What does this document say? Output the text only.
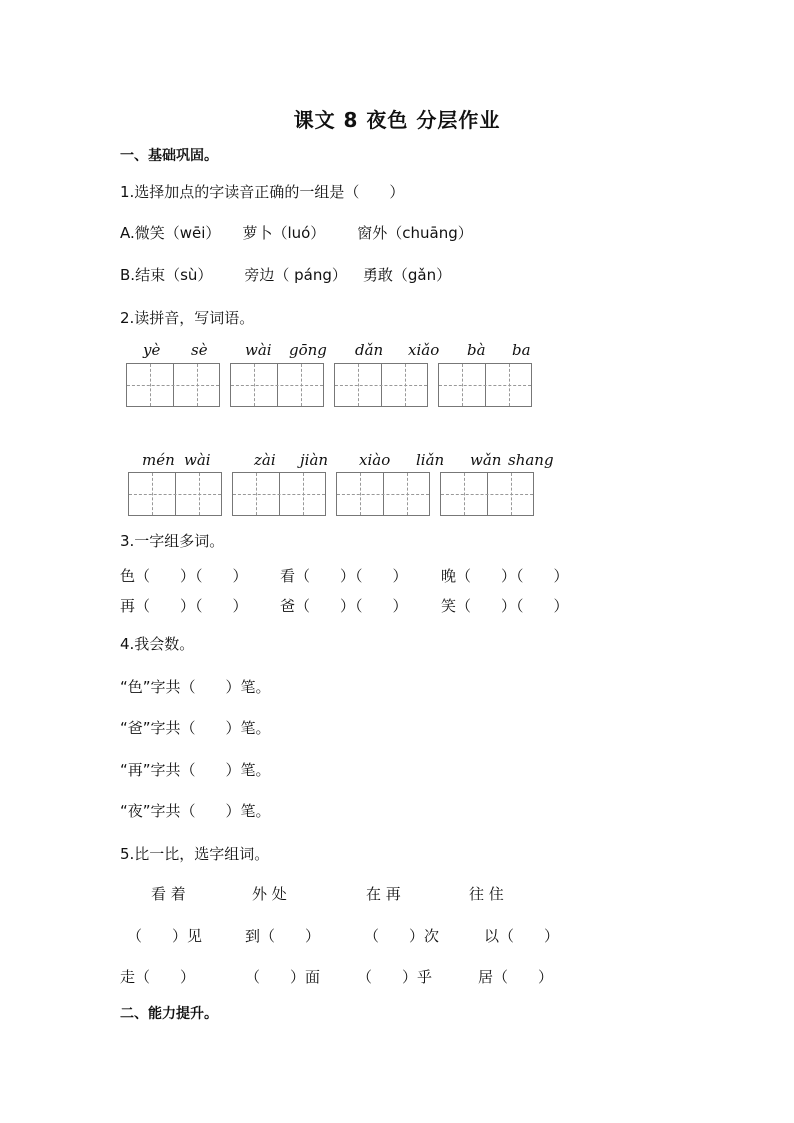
课文 8 夜色 分层作业
一、基础巩固。
1.选择加点的字读音正确的一组是（　　）
A.微笑（wēi） 萝卜（luó） 窗外（chuāng）
B.结束（sù） 旁边（ páng） 勇敢（gǎn）
2.读拼音，写词语。
yè sè wài gōng dǎn xiǎo bà ba
mén wài	zài jiàn xiào liǎn wǎn shang
3.一字组多词。
色（　　）（　　） 看（　　）（　　） 晚（　　）（　　）
再（　　）（　　） 爸（　　）（　　） 笑（　　）（　　）
4.我会数。
“色”字共（　　）笔。
“爸”字共（　　）笔。
“再”字共（　　）笔。
“夜”字共（　　）笔。
5.比一比，选字组词。
看 着	外 处	在 再	往 住
（　　）见	到（　　）	（　　）次	以（　　）
走（　　）	（　　）面 （　　）乎	居（　　）
二、能力提升。
